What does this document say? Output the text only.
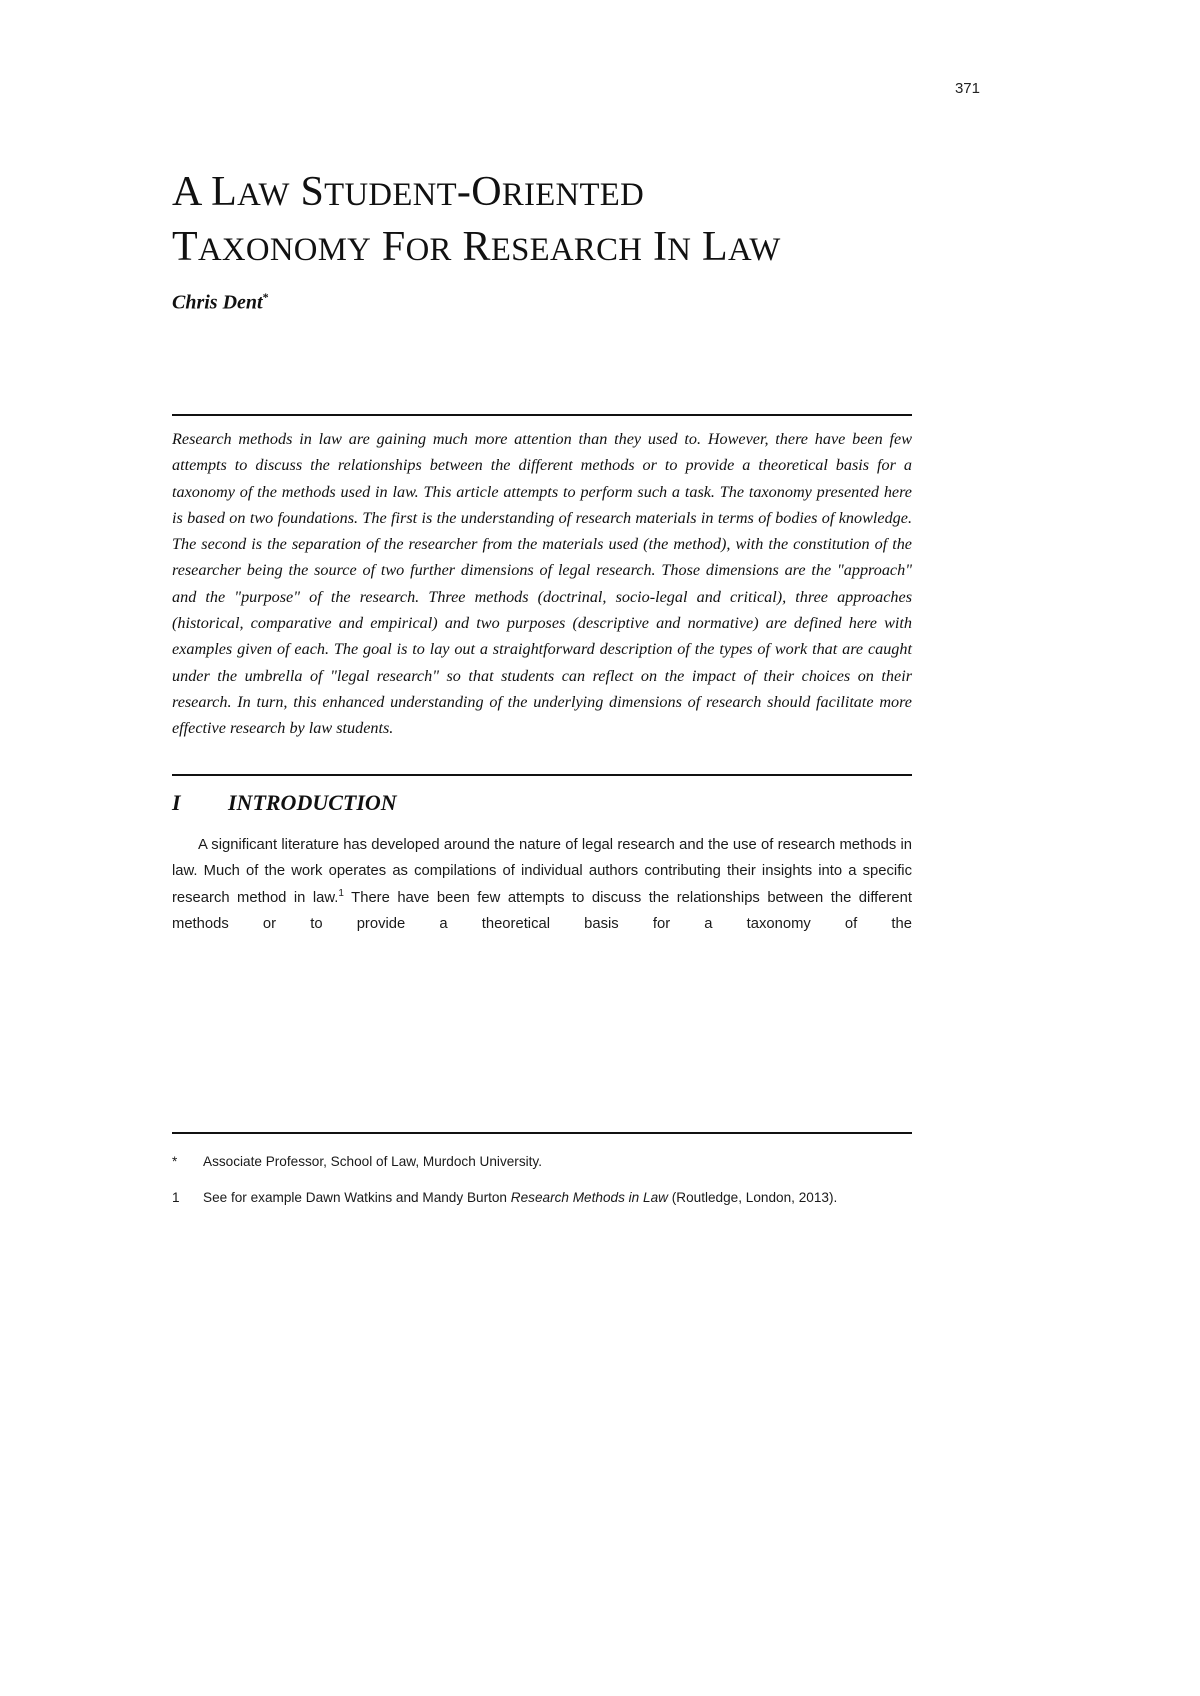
371
A LAW STUDENT-ORIENTED
TAXONOMY FOR RESEARCH IN LAW
Chris Dent*

Research methods in law are gaining much more attention than they used to. However, there have been few attempts to discuss the relationships between the different methods or to provide a theoretical basis for a taxonomy of the methods used in law. This article attempts to perform such a task. The taxonomy presented here is based on two foundations. The first is the understanding of research materials in terms of bodies of knowledge. The second is the separation of the researcher from the materials used (the method), with the constitution of the researcher being the source of two further dimensions of legal research. Those dimensions are the "approach" and the "purpose" of the research. Three methods (doctrinal, socio-legal and critical), three approaches (historical, comparative and empirical) and two purposes (descriptive and normative) are defined here with examples given of each. The goal is to lay out a straightforward description of the types of work that are caught under the umbrella of "legal research" so that students can reflect on the impact of their choices on their research. In turn, this enhanced understanding of the underlying dimensions of research should facilitate more effective research by law students.

I INTRODUCTION

A significant literature has developed around the nature of legal research and the use of research methods in law. Much of the work operates as compilations of individual authors contributing their insights into a specific research method in law.$^1$ There have been few attempts to discuss the relationships between the different methods or to provide a theoretical basis for a taxonomy of the

*	Associate Professor, School of Law, Murdoch University.
1	See for example Dawn Watkins and Mandy Burton Research Methods in Law (Routledge, London, 2013).
